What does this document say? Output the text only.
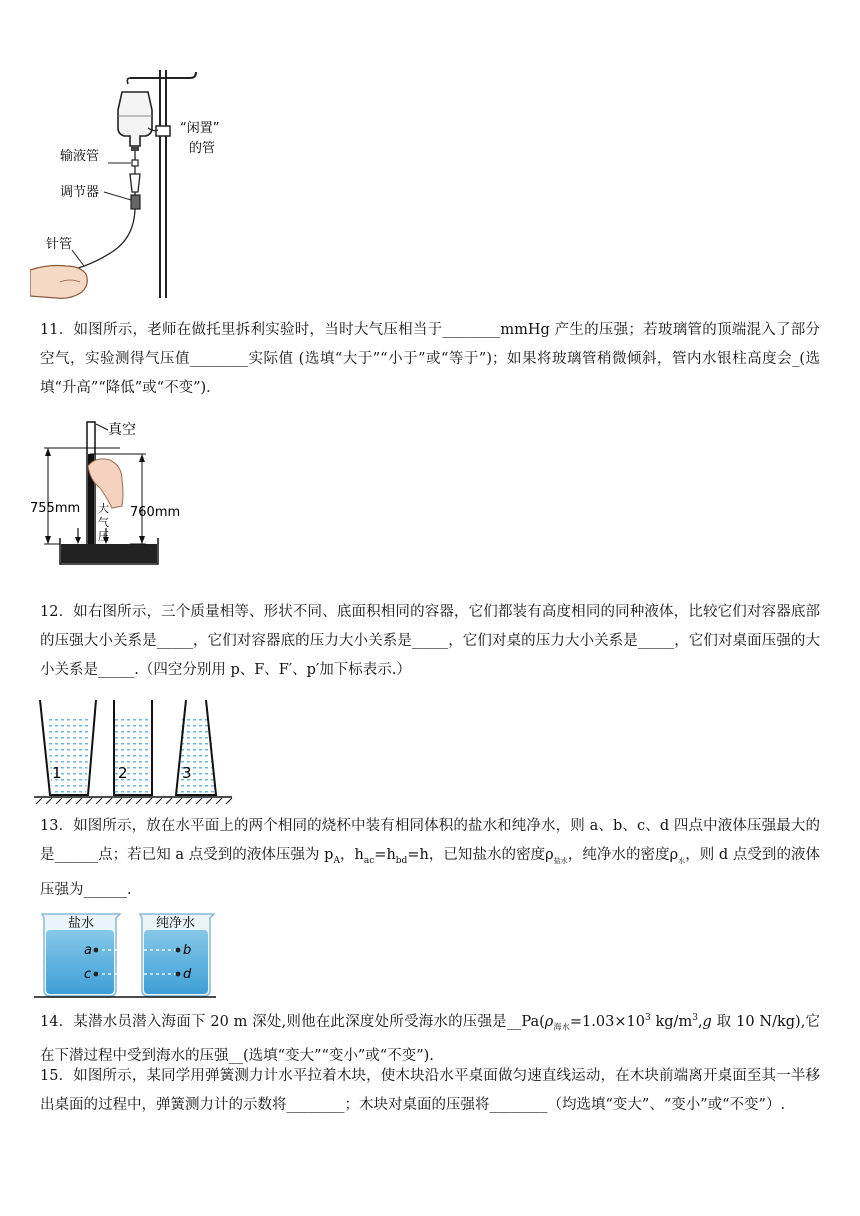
“闲置”
的管
输液管
调节器
针管
11．如图所示，老师在做托里拆利实验时，当时大气压相当于________mmHg 产生的压强；若玻璃管的顶端混入了部分空气，实验测得气压值________实际值 (选填“大于”“小于”或“等于”)；如果将玻璃管稍微倾斜，管内水银柱高度会_(选填“升高”“降低”或“不变”)．
真空
755mm	760mm
大
气
压
12．如右图所示，三个质量相等、形状不同、底面积相同的容器，它们都装有高度相同的同种液体，比较它们对容器底部的压强大小关系是_____，它们对容器底的压力大小关系是_____，它们对桌的压力大小关系是_____，它们对桌面压强的大小关系是_____.（四空分别用 p、F、F′、p′加下标表示.）
1	2	3
13．如图所示，放在水平面上的两个相同的烧杯中装有相同体积的盐水和纯净水，则 a、b、c、d 四点中液体压强最大的是______点；若已知 a 点受到的液体压强为 $p_A$，$h_{ac}=h_{bd}=h$，已知盐水的密度$\rho_{盐水}$，纯净水的密度$\rho_水$，则 d 点受到的液体压强为______.
盐水	纯净水
a	b
c	d
14．某潜水员潜入海面下 20 m 深处,则他在此深度处所受海水的压强是$\_\_Pa(\rho_{海水}=1.03\times 10^3$ $kg/m^3,g$ 取 10 N/kg),它在下潜过程中受到海水的压强__(选填“变大”“变小”或“不变”).
15．如图所示，某同学用弹簧测力计水平拉着木块，使木块沿水平桌面做匀速直线运动，在木块前端离开桌面至其一半移出桌面的过程中，弹簧测力计的示数将________；木块对桌面的压强将________（均选填“变大”、“变小”或“不变”）.
